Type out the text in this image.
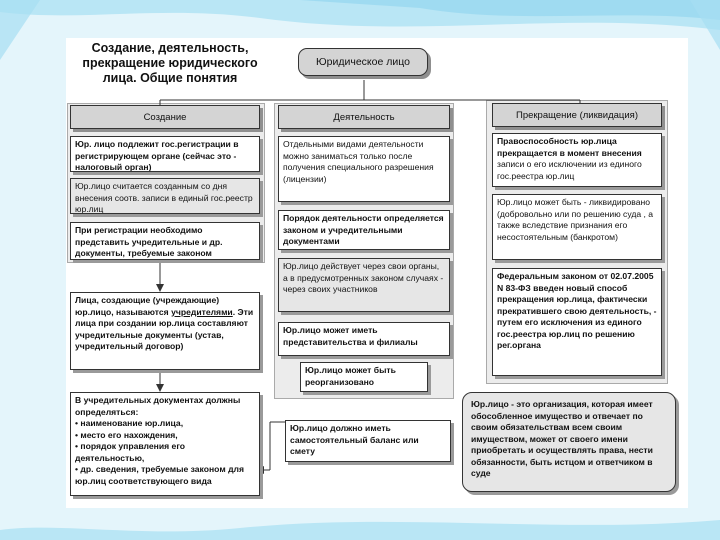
Создание, деятельность, прекращение юридического лица. Общие понятия
Юридическое лицо
Создание
Юр. лицо подлежит гос.регистрации в регистрирующем органе (сейчас это - налоговый орган)
Юр.лицо считается созданным со дня внесения соотв. записи в единый гос.реестр юр.лиц
При регистрации необходимо представить учредительные и др. документы, требуемые законом
Лица, создающие (учреждающие) юр.лицо, называются учредителями. Эти лица при создании юр.лица составляют учредительные документы (устав, учредительный договор)
В учредительных документах должны определяться:
• наименование юр.лица,
• место его нахождения,
• порядок управления его деятельностью,
• др. сведения, требуемые законом для юр.лиц соответствующего вида
Деятельность
Отдельными видами деятельности можно заниматься только после получения специального разрешения (лицензии)
Порядок деятельности определяется законом и учредительными документами
Юр.лицо действует через свои органы, а в предусмотренных законом случаях - через своих участников
Юр.лицо может иметь представительства и филиалы
Юр.лицо может быть реорганизовано
Юр.лицо должно иметь самостоятельный баланс или смету
Прекращение (ликвидация)
Правоспособность юр.лица прекращается в момент внесения записи о его исключении из единого гос.реестра юр.лиц
Юр.лицо может быть - ликвидировано (добровольно или по решению суда , а также вследствие признания его несостоятельным (банкротом)
Федеральным законом от 02.07.2005 N 83-ФЗ введен новый способ прекращения юр.лица, фактически прекратившего свою деятельность, - путем его исключения из единого гос.реестра юр.лиц по решению рег.органа
Юр.лицо - это организация, которая имеет обособленное имущество и отвечает по своим обязательствам всем своим имуществом, может от своего имени приобретать и осуществлять права, нести обязанности, быть истцом и ответчиком в суде
